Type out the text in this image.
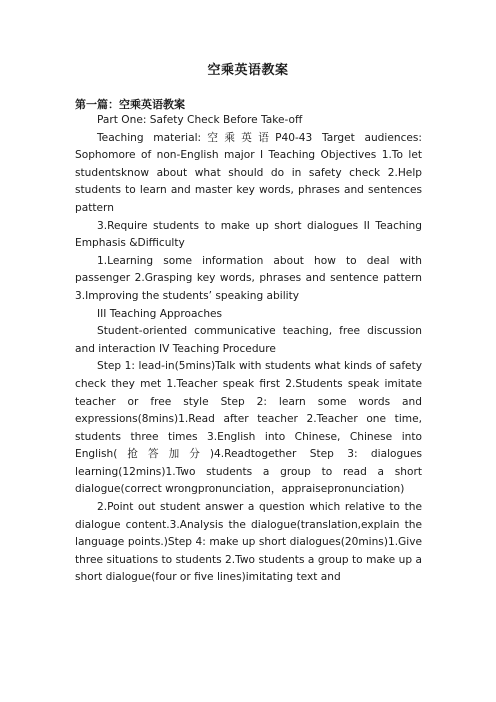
空乘英语教案
第一篇：空乘英语教案

Part One: Safety Check Before Take-off

Teaching material:空乘英语P40-43 Target audiences: Sophomore of non-English major I Teaching Objectives 1.To let studentsknow about what should do in safety check 2.Help students to learn and master key words, phrases and sentences pattern

3.Require students to make up short dialogues II Teaching Emphasis &Difficulty

1.Learning some information about how to deal with passenger 2.Grasping key words, phrases and sentence pattern 3.Improving the students’ speaking ability

III Teaching Approaches

Student-oriented communicative teaching, free discussion and interaction IV Teaching Procedure

Step 1: lead-in(5mins)Talk with students what kinds of safety check they met 1.Teacher speak first 2.Students speak imitate teacher or free style Step 2: learn some words and expressions(8mins)1.Read after teacher 2.Teacher one time, students three times 3.English into Chinese, Chinese into English(抢答加分)4.Readtogether Step 3: dialogues learning(12mins)1.Two students a group to read a short dialogue(correct wrongpronunciation，appraisepronunciation)

2.Point out student answer a question which relative to the dialogue content.3.Analysis the dialogue(translation,explain the language points.)Step 4: make up short dialogues(20mins)1.Give three situations to students 2.Two students a group to make up a short dialogue(four or five lines)imitating text and
